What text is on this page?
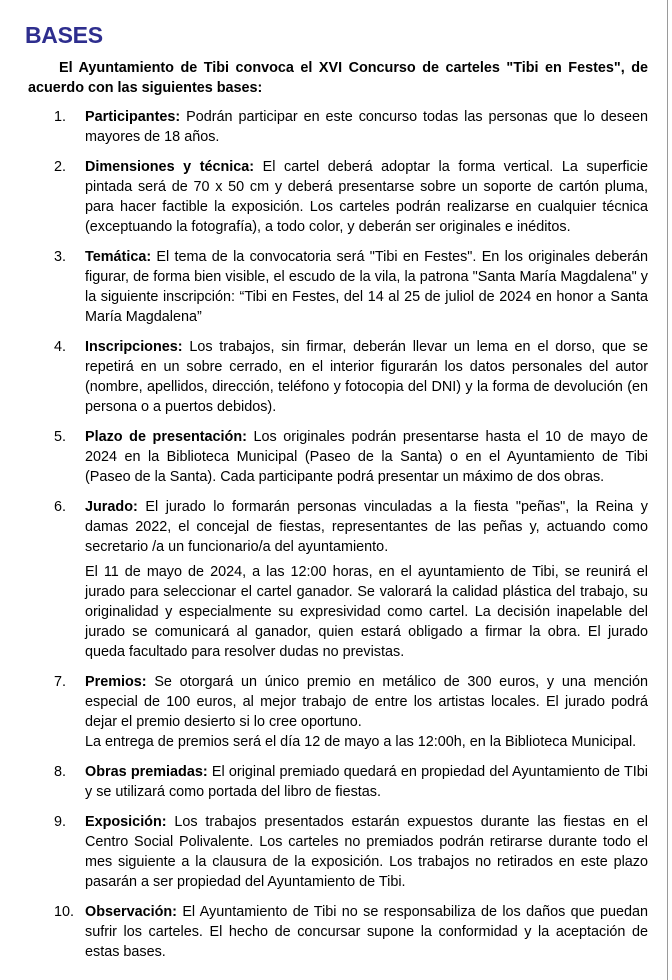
BASES

El Ayuntamiento de Tibi convoca el XVI Concurso de carteles "Tibi en Festes", de acuerdo con las siguientes bases:

1.	Participantes: Podrán participar en este concurso todas las personas que lo deseen mayores de 18 años.

2.	Dimensiones y técnica: El cartel deberá adoptar la forma vertical. La superficie pintada será de 70 x 50 cm y deberá presentarse sobre un soporte de cartón pluma, para hacer factible la exposición. Los carteles podrán realizarse en cualquier técnica (exceptuando la fotografía), a todo color, y deberán ser originales e inéditos.

3.	Temática: El tema de la convocatoria será "Tibi en Festes". En los originales deberán figurar, de forma bien visible, el escudo de la vila, la patrona "Santa María Magdalena" y la siguiente inscripción: “Tibi en Festes, del 14 al 25 de juliol de 2024 en honor a Santa María Magdalena”

4.	Inscripciones: Los trabajos, sin firmar, deberán llevar un lema en el dorso, que se repetirá en un sobre cerrado, en el interior figurarán los datos personales del autor (nombre, apellidos, dirección, teléfono y fotocopia del DNI) y la forma de devolución (en persona o a puertos debidos).

5.	Plazo de presentación: Los originales podrán presentarse hasta el 10 de mayo de 2024 en la Biblioteca Municipal (Paseo de la Santa) o en el Ayuntamiento de Tibi (Paseo de la Santa). Cada participante podrá presentar un máximo de dos obras.

6.	Jurado: El jurado lo formarán personas vinculadas a la fiesta "peñas", la Reina y damas 2022, el concejal de fiestas, representantes de las peñas y, actuando como secretario /a un funcionario/a del ayuntamiento.

El 11 de mayo de 2024, a las 12:00 horas, en el ayuntamiento de Tibi, se reunirá el jurado para seleccionar el cartel ganador. Se valorará la calidad plástica del trabajo, su originalidad y especialmente su expresividad como cartel. La decisión inapelable del jurado se comunicará al ganador, quien estará obligado a firmar la obra. El jurado queda facultado para resolver dudas no previstas.

7.	Premios: Se otorgará un único premio en metálico de 300 euros, y una mención especial de 100 euros, al mejor trabajo de entre los artistas locales. El jurado podrá dejar el premio desierto si lo cree oportuno.

La entrega de premios será el día 12 de mayo a las 12:00h, en la Biblioteca Municipal.

8.	Obras premiadas: El original premiado quedará en propiedad del Ayuntamiento de TIbi y se utilizará como portada del libro de fiestas.

9.	Exposición: Los trabajos presentados estarán expuestos durante las fiestas en el Centro Social Polivalente. Los carteles no premiados podrán retirarse durante todo el mes siguiente a la clausura de la exposición. Los trabajos no retirados en este plazo pasarán a ser propiedad del Ayuntamiento de Tibi.

10. Observación: El Ayuntamiento de Tibi no se responsabiliza de los daños que puedan sufrir los carteles. El hecho de concursar supone la conformidad y la aceptación de estas bases.
